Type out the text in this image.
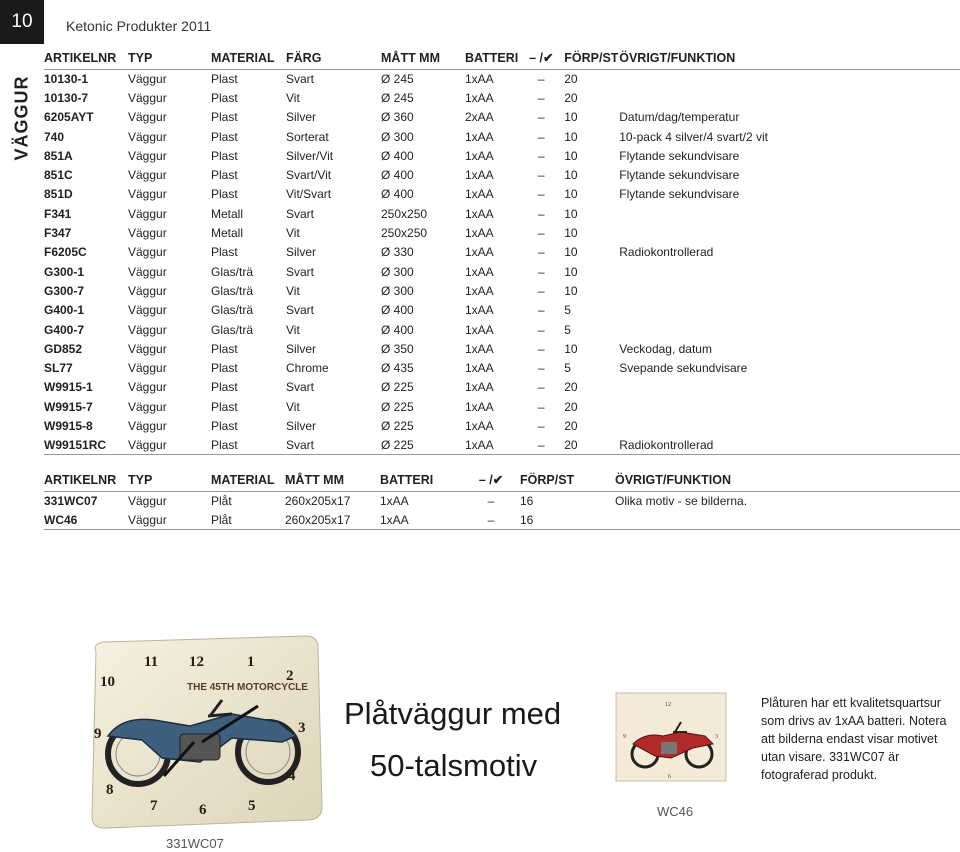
10	Ketonic Produkter 2011
VÄGGUR
ARTIKELNR	TYP	MATERIAL	FÄRG	MÅTT MM	BATTERI	– /✔	FÖRP/ST	ÖVRIGT/FUNKTION
10130-1	Väggur	Plast	Svart	Ø 245	1xAA	–	20	
10130-7	Väggur	Plast	Vit	Ø 245	1xAA	–	20	
6205AYT	Väggur	Plast	Silver	Ø 360	2xAA	–	10	Datum/dag/temperatur
740	Väggur	Plast	Sorterat	Ø 300	1xAA	–	10	10-pack 4 silver/4 svart/2 vit
851A	Väggur	Plast	Silver/Vit	Ø 400	1xAA	–	10	Flytande sekundvisare
851C	Väggur	Plast	Svart/Vit	Ø 400	1xAA	–	10	Flytande sekundvisare
851D	Väggur	Plast	Vit/Svart	Ø 400	1xAA	–	10	Flytande sekundvisare
F341	Väggur	Metall	Svart	250x250	1xAA	–	10	
F347	Väggur	Metall	Vit	250x250	1xAA	–	10	
F6205C	Väggur	Plast	Silver	Ø 330	1xAA	–	10	Radiokontrollerad
G300-1	Väggur	Glas/trä	Svart	Ø 300	1xAA	–	10	
G300-7	Väggur	Glas/trä	Vit	Ø 300	1xAA	–	10	
G400-1	Väggur	Glas/trä	Svart	Ø 400	1xAA	–	5	
G400-7	Väggur	Glas/trä	Vit	Ø 400	1xAA	–	5	
GD852	Väggur	Plast	Silver	Ø 350	1xAA	–	10	Veckodag, datum
SL77	Väggur	Plast	Chrome	Ø 435	1xAA	–	5	Svepande sekundvisare
W9915-1	Väggur	Plast	Svart	Ø 225	1xAA	–	20	
W9915-7	Väggur	Plast	Vit	Ø 225	1xAA	–	20	
W9915-8	Väggur	Plast	Silver	Ø 225	1xAA	–	20	
W99151RC	Väggur	Plast	Svart	Ø 225	1xAA	–	20	Radiokontrollerad
ARTIKELNR	TYP	MATERIAL	MÅTT MM	BATTERI	– /✔	FÖRP/ST	ÖVRIGT/FUNKTION
331WC07	Väggur	Plåt	260x205x17	1xAA	–	16	Olika motiv - se bilderna.
WC46	Väggur	Plåt	260x205x17	1xAA	–	16	
THE 45TH MOTORCYCLE
12	1
2
3
4
5
6
7
8
9
10
11
331WC07
Plåtväggur med
50-talsmotiv
12
9	3
6
WC46
Plåturen har ett kvalitetsquartsur som drivs av 1xAA batteri. Notera att bilderna endast visar motivet utan visare. 331WC07 är fotograferad produkt.
